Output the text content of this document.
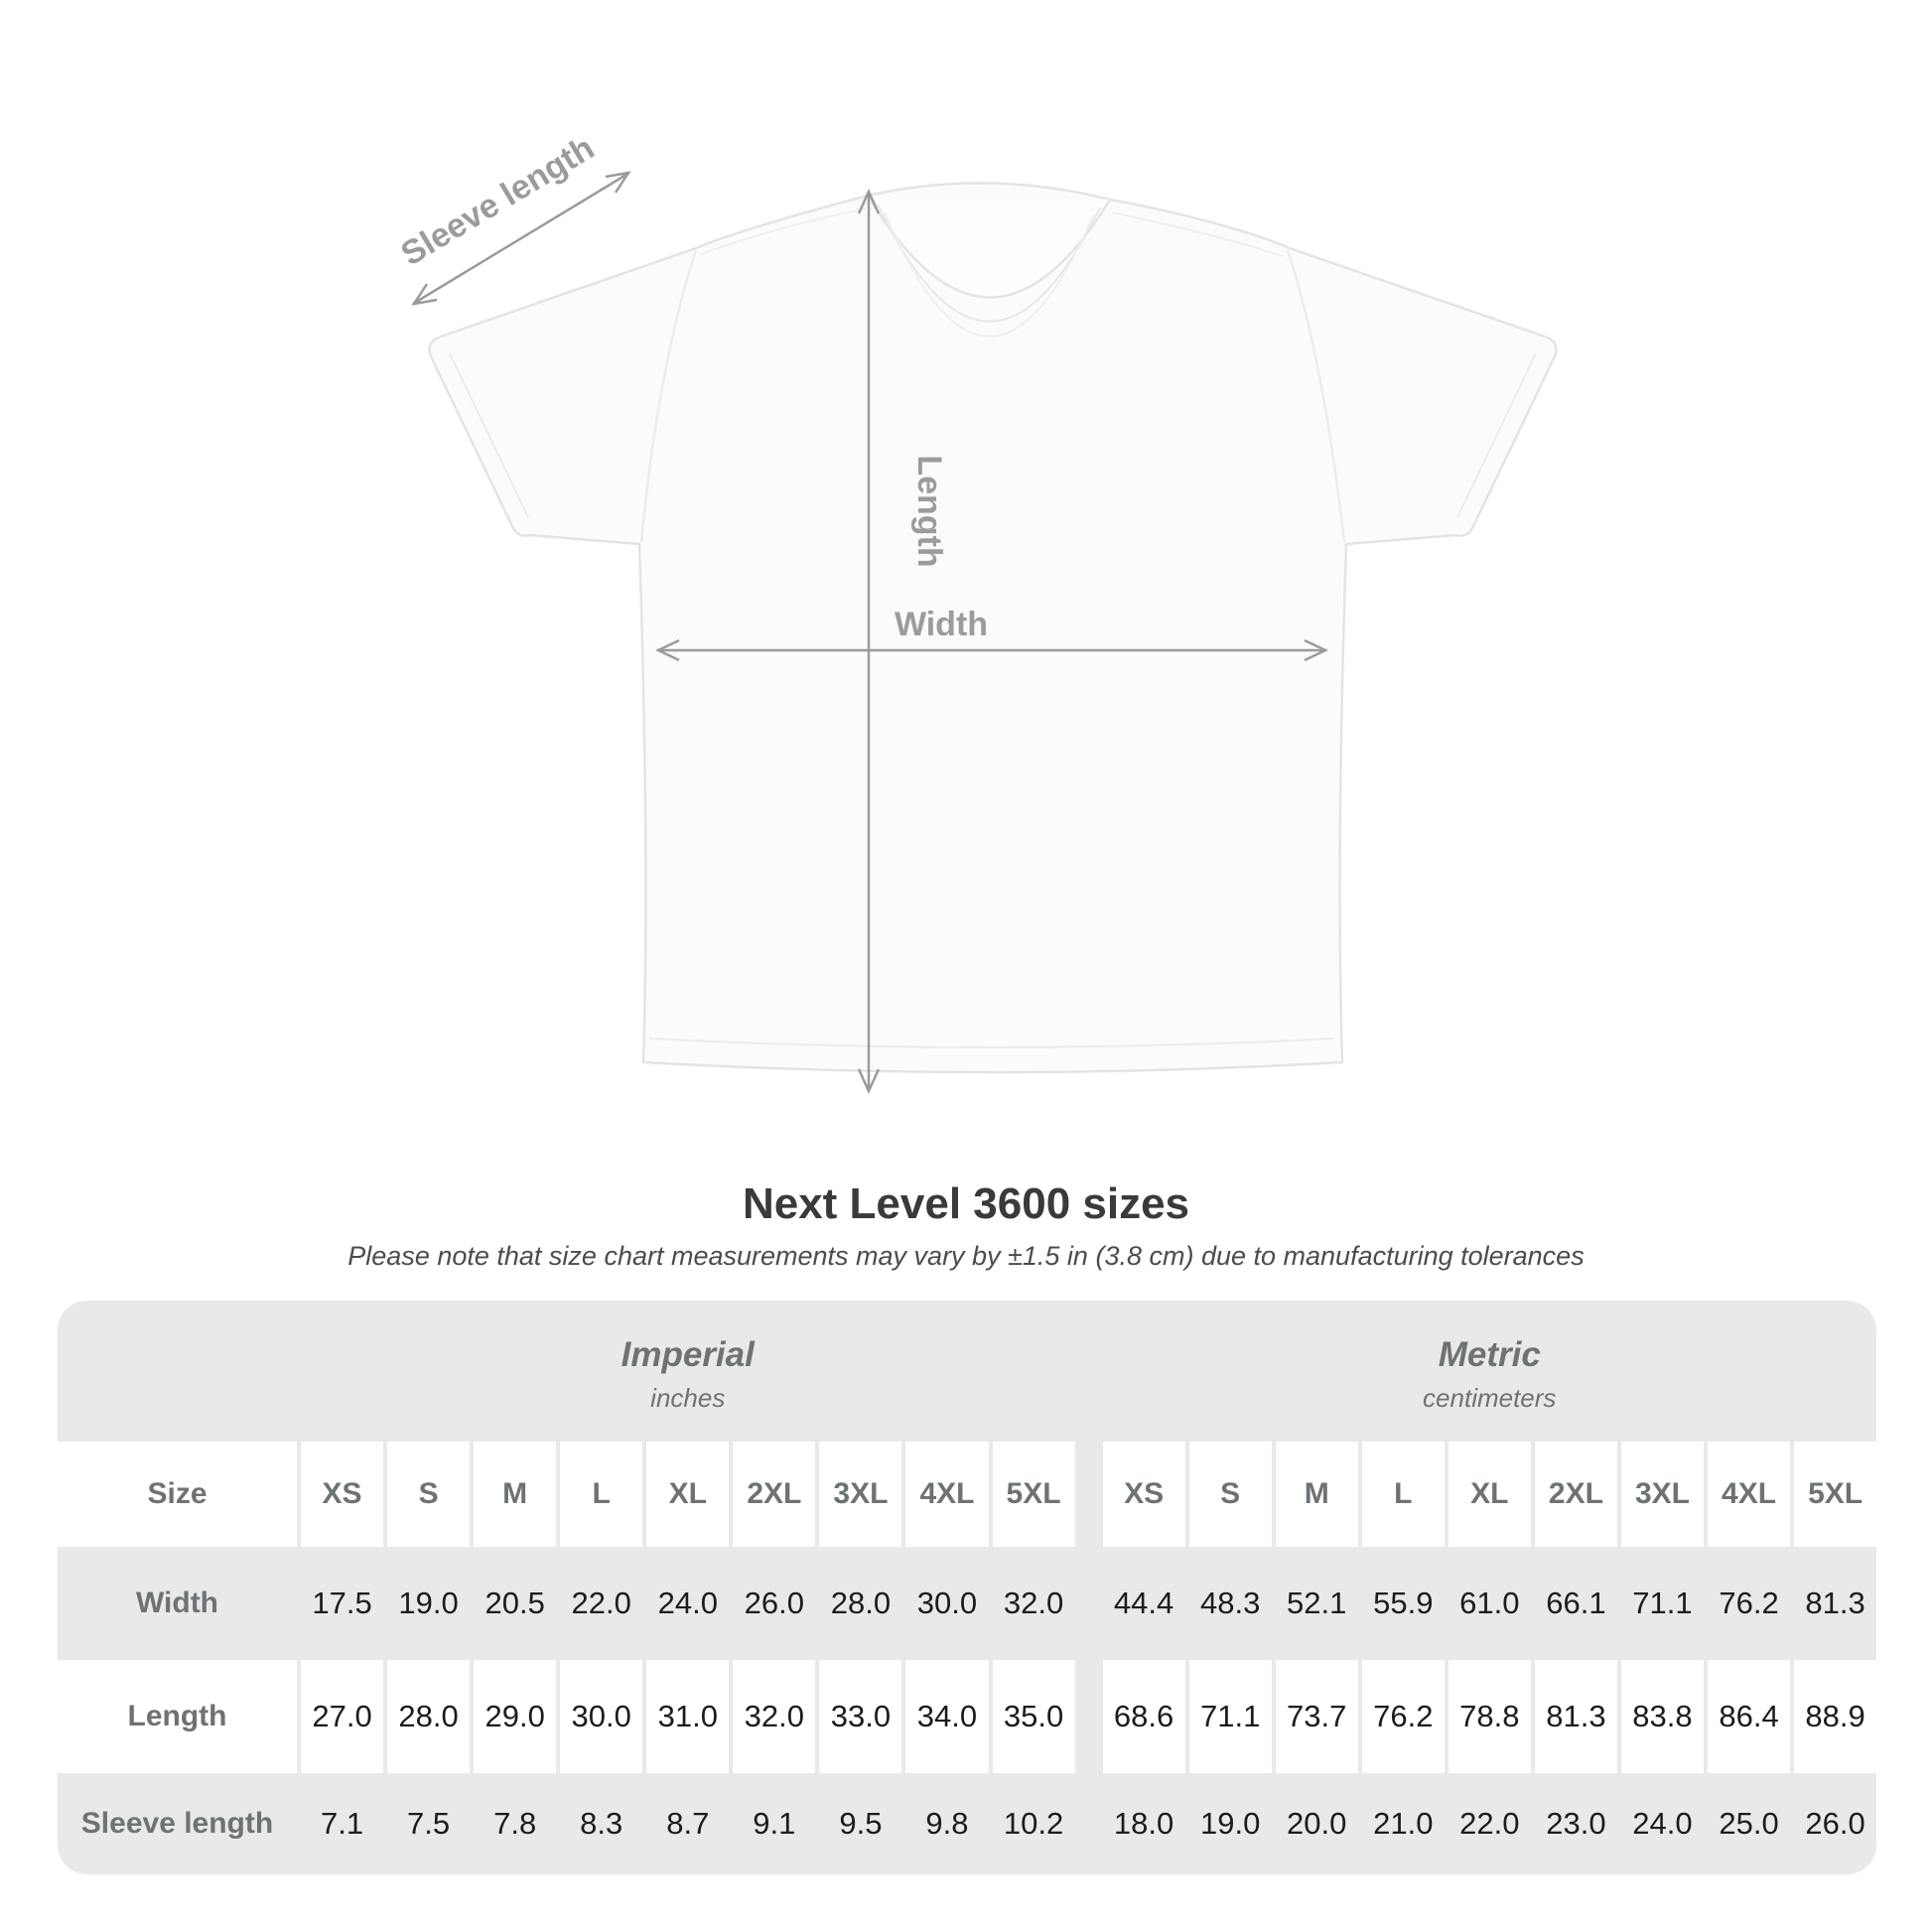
Length
Width
Sleeve length
Next Level 3600 sizes
Please note that size chart measurements may vary by ±1.5 in (3.8 cm) due to manufacturing tolerances
Imperial
inches
Metric
centimeters
Size	XS	S	M	L	XL	2XL	3XL	4XL	5XL	XS	S	M	L	XL	2XL	3XL	4XL	5XL
Width	17.5 19.0 20.5 22.0 24.0 26.0 28.0 30.0 32.0	44.4 48.3 52.1 55.9 61.0 66.1 71.1 76.2 81.3
Length	27.0 28.0 29.0 30.0 31.0 32.0 33.0 34.0 35.0	68.6 71.1 73.7 76.2 78.8 81.3 83.8 86.4 88.9
Sleeve length	7.1	7.5	7.8	8.3	8.7	9.1	9.5	9.8	10.2	18.0 19.0 20.0 21.0 22.0 23.0 24.0 25.0 26.0
